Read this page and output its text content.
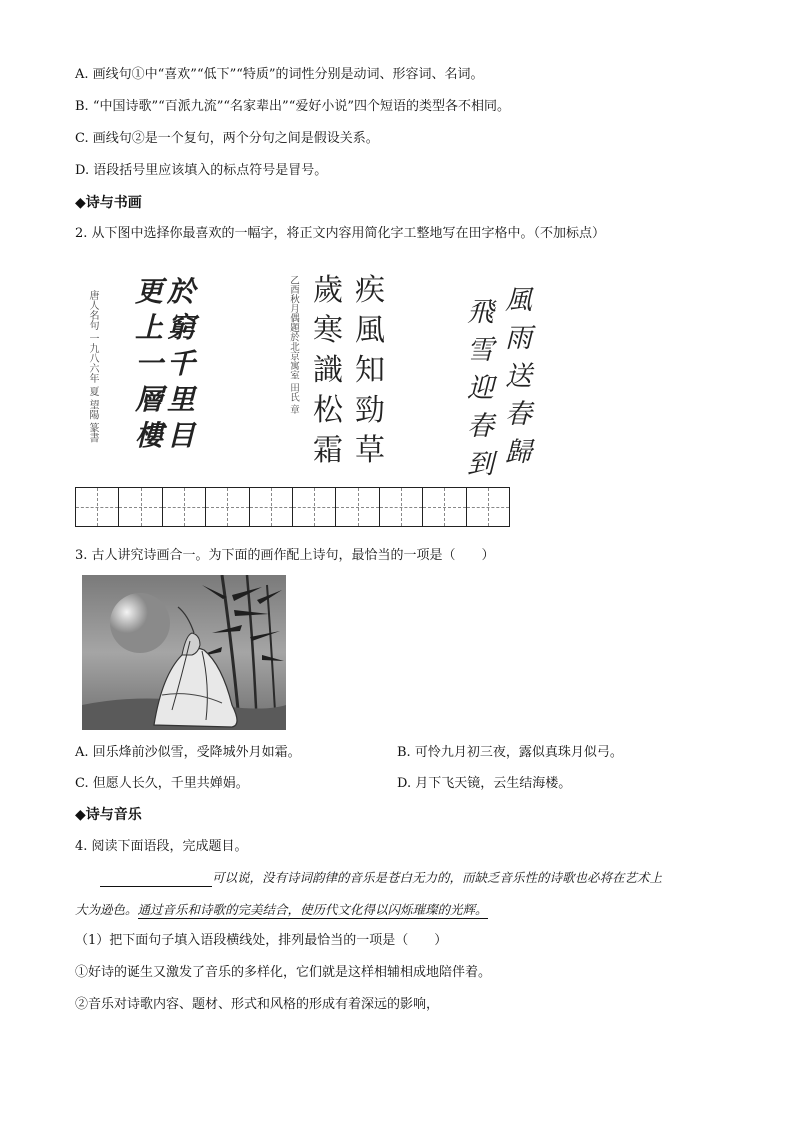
A. 画线句①中“喜欢”“低下”“特质”的词性分别是动词、形容词、名词。
B. “中国诗歌”“百派九流”“名家辈出”“爱好小说”四个短语的类型各不相同。
C. 画线句②是一个复句，两个分句之间是假设关系。
D. 语段括号里应该填入的标点符号是冒号。
◆诗与书画
2. 从下图中选择你最喜欢的一幅字，将正文内容用简化字工整地写在田字格中。（不加标点）
於
窮
千
里
目
更
上
一
層
樓
唐人名句 一九八六年 夏 望陽 篆書	疾
風
知
勁
草
歲
寒
識
松
霜
乙酉秋月偶題於北京寓室 田氏 章	風
雨
送
春
歸
飛
雪
迎
春
到
3. 古人讲究诗画合一。为下面的画作配上诗句，最恰当的一项是（　　）
A. 回乐烽前沙似雪，受降城外月如霜。	B. 可怜九月初三夜，露似真珠月似弓。
C. 但愿人长久，千里共婵娟。	D. 月下飞天镜，云生结海楼。
◆诗与音乐
4. 阅读下面语段，完成题目。
可以说，没有诗词韵律的音乐是苍白无力的，而缺乏音乐性的诗歌也必将在艺术上
大为逊色。通过音乐和诗歌的完美结合，使历代文化得以闪烁璀璨的光辉。
（1）把下面句子填入语段横线处，排列最恰当的一项是（　　）
①好诗的诞生又激发了音乐的多样化，它们就是这样相辅相成地陪伴着。
②音乐对诗歌内容、题材、形式和风格的形成有着深远的影响，
